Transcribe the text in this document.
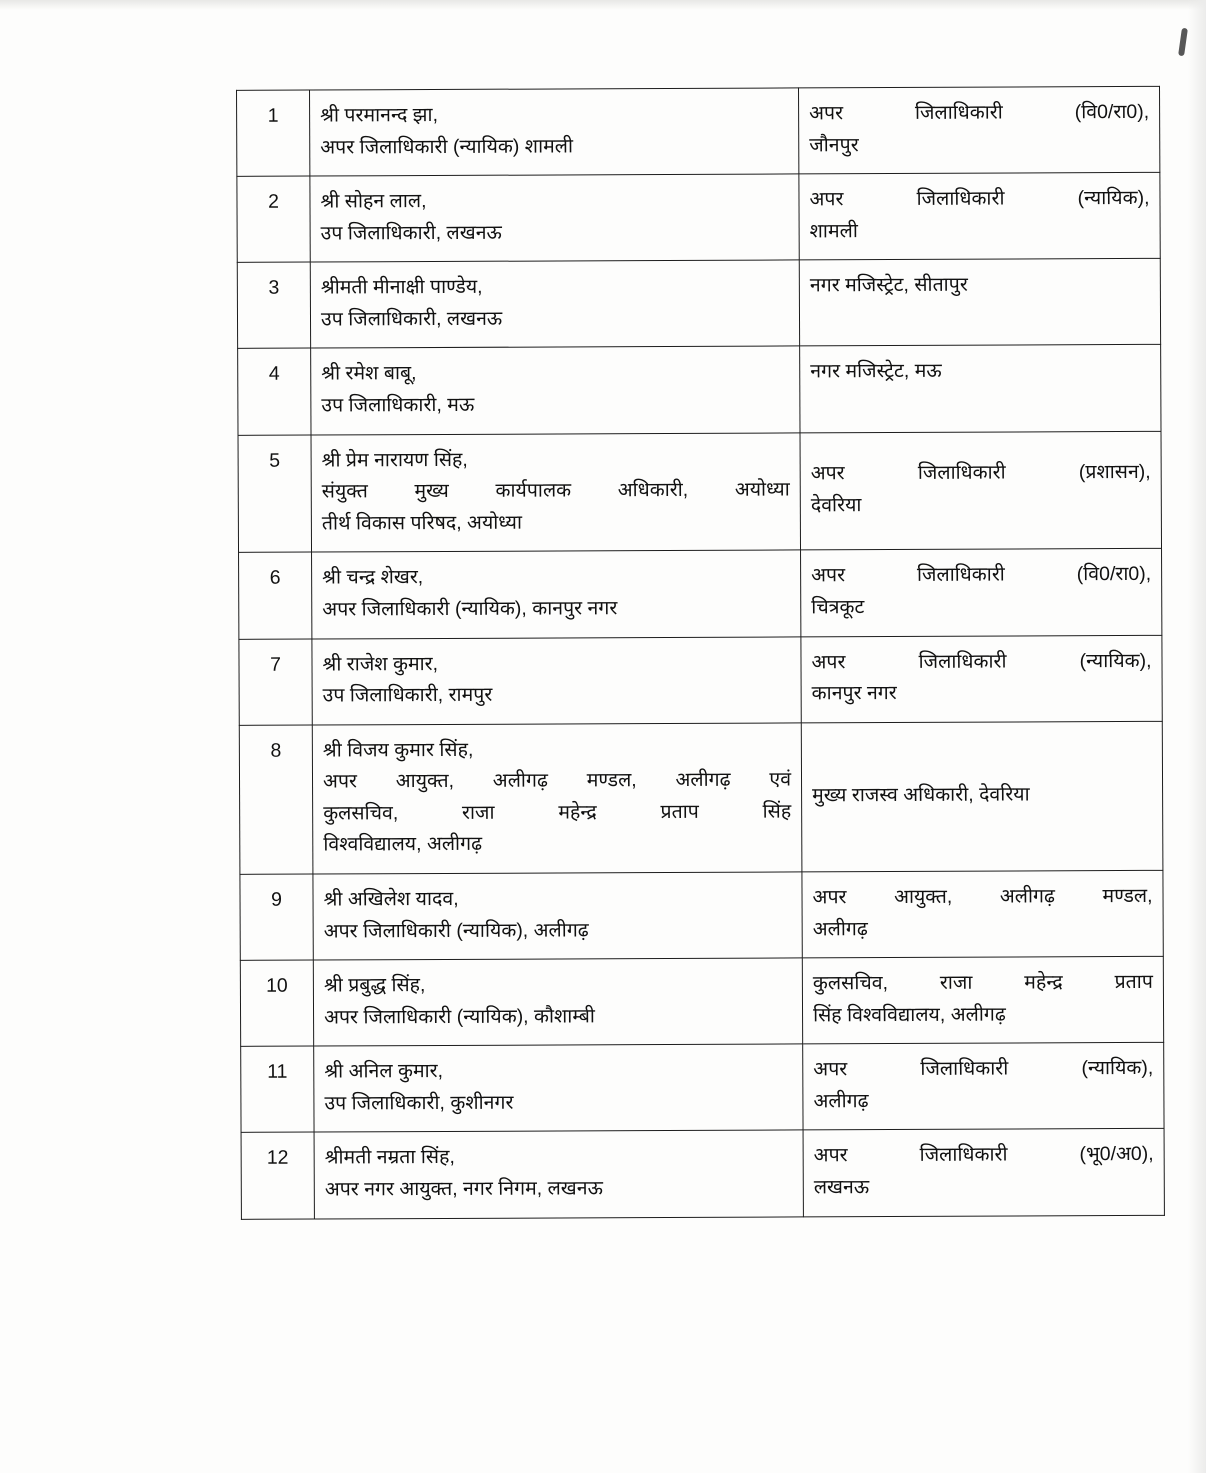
1	श्री परमानन्द झा,
अपर जिलाधिकारी (न्यायिक) शामली	अपर जिलाधिकारी (वि0/रा0),
जौनपुर

2	श्री सोहन लाल,
उप जिलाधिकारी, लखनऊ	अपर जिलाधिकारी (न्यायिक),
शामली

3	श्रीमती मीनाक्षी पाण्डेय,
उप जिलाधिकारी, लखनऊ	नगर मजिस्ट्रेट, सीतापुर

4	श्री रमेश बाबू,
उप जिलाधिकारी, मऊ	नगर मजिस्ट्रेट, मऊ

5	श्री प्रेम नारायण सिंह,
संयुक्त मुख्य कार्यपालक अधिकारी, अयोध्या
तीर्थ विकास परिषद, अयोध्या	अपर जिलाधिकारी (प्रशासन),
देवरिया

6	श्री चन्द्र शेखर,
अपर जिलाधिकारी (न्यायिक), कानपुर नगर	अपर जिलाधिकारी (वि0/रा0),
चित्रकूट

7	श्री राजेश कुमार,
उप जिलाधिकारी, रामपुर	अपर जिलाधिकारी (न्यायिक),
कानपुर नगर

8	श्री विजय कुमार सिंह,
अपर आयुक्त, अलीगढ़ मण्डल, अलीगढ़ एवं
कुलसचिव, राजा महेन्द्र प्रताप सिंह
विश्वविद्यालय, अलीगढ़	मुख्य राजस्व अधिकारी, देवरिया

9	श्री अखिलेश यादव,
अपर जिलाधिकारी (न्यायिक), अलीगढ़	अपर आयुक्त, अलीगढ़ मण्डल,
अलीगढ़

10	श्री प्रबुद्ध सिंह,
अपर जिलाधिकारी (न्यायिक), कौशाम्बी	कुलसचिव, राजा महेन्द्र प्रताप
सिंह विश्वविद्यालय, अलीगढ़

11	श्री अनिल कुमार,
उप जिलाधिकारी, कुशीनगर	अपर जिलाधिकारी (न्यायिक),
अलीगढ़

12	श्रीमती नम्रता सिंह,
अपर नगर आयुक्त, नगर निगम, लखनऊ	अपर जिलाधिकारी (भू0/अ0),
लखनऊ
